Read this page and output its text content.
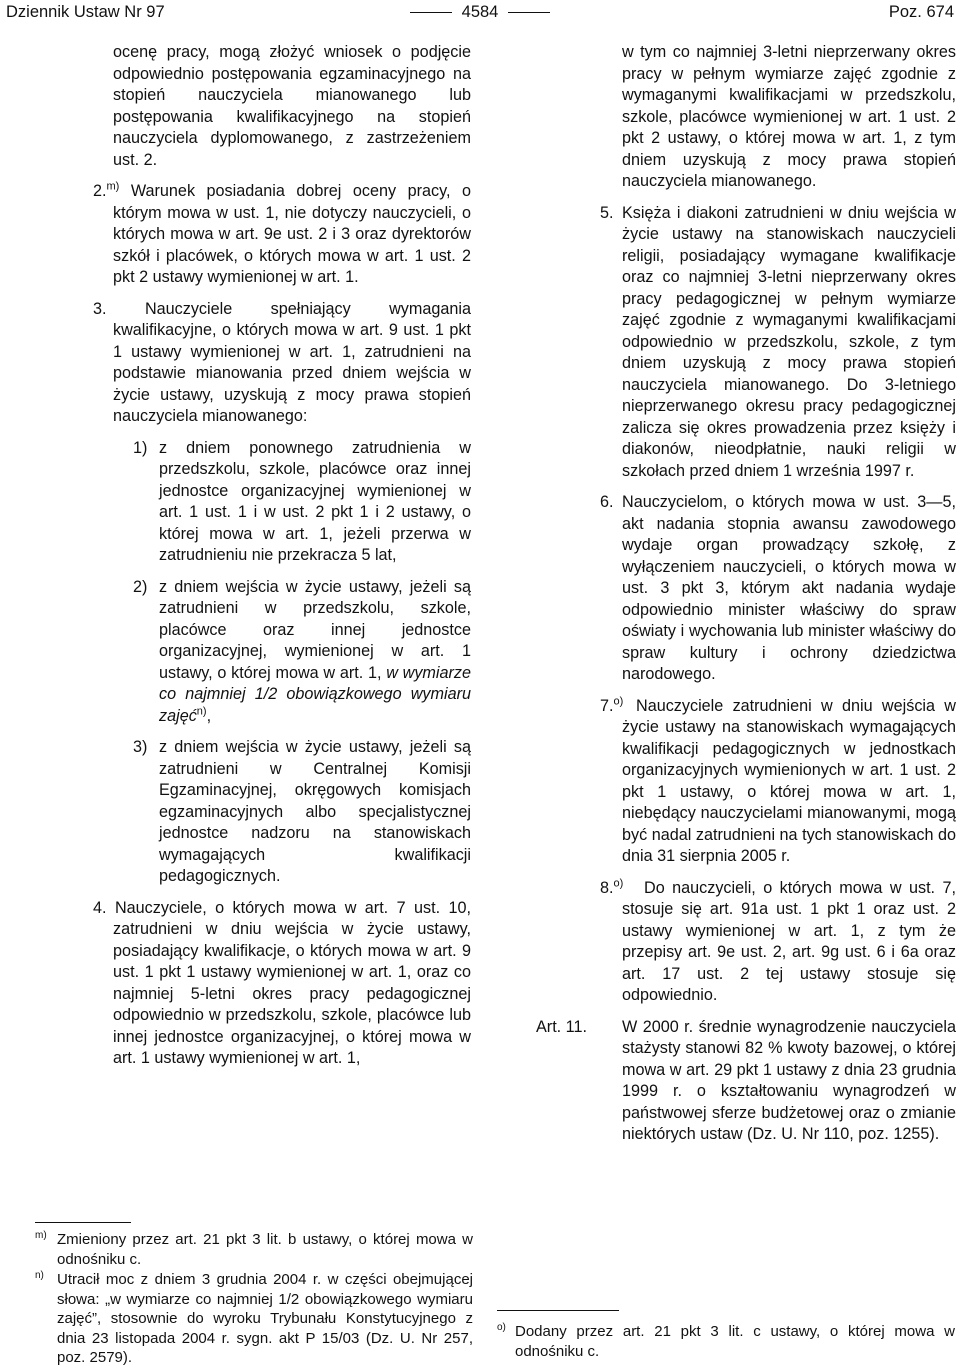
Dziennik Ustaw Nr 97	4584	Poz. 674

ocenę pracy, mogą złożyć wniosek o podjęcie odpowiednio postępowania egzaminacyjnego na stopień nauczyciela mianowanego lub postępowania kwalifikacyjnego na stopień nauczyciela dyplomowanego, z zastrzeżeniem ust. 2.

2.$^{m)}$ Warunek posiadania dobrej oceny pracy, o którym mowa w ust. 1, nie dotyczy nauczycieli, o których mowa w art. 9e ust. 2 i 3 oraz dyrektorów szkół i placówek, o których mowa w art. 1 ust. 2 pkt 2 ustawy wymienionej w art. 1.

3. Nauczyciele spełniający wymagania kwalifikacyjne, o których mowa w art. 9 ust. 1 pkt 1 ustawy wymienionej w art. 1, zatrudnieni na podstawie mianowania przed dniem wejścia w życie ustawy, uzyskują z mocy prawa stopień nauczyciela mianowanego:

1) z dniem ponownego zatrudnienia w przedszkolu, szkole, placówce oraz innej jednostce organizacyjnej wymienionej w art. 1 ust. 1 i w ust. 2 pkt 1 i 2 ustawy, o której mowa w art. 1, jeżeli przerwa w zatrudnieniu nie przekracza 5 lat,

2) z dniem wejścia w życie ustawy, jeżeli są zatrudnieni w przedszkolu, szkole, placówce oraz innej jednostce organizacyjnej, wymienionej w art. 1 ustawy, o której mowa w art. 1, w wymiarze co najmniej 1/2 obowiązkowego wymiaru zajęć$^{n)}$,

3) z dniem wejścia w życie ustawy, jeżeli są zatrudnieni w Centralnej Komisji Egzaminacyjnej, okręgowych komisjach egzaminacyjnych albo specjalistycznej jednostce nadzoru na stanowiskach wymagających kwalifikacji pedagogicznych.

4. Nauczyciele, o których mowa w art. 7 ust. 10, zatrudnieni w dniu wejścia w życie ustawy, posiadający kwalifikacje, o których mowa w art. 9 ust. 1 pkt 1 ustawy wymienionej w art. 1, oraz co najmniej 5-letni okres pracy pedagogicznej odpowiednio w przedszkolu, szkole, placówce lub innej jednostce organizacyjnej, o której mowa w art. 1 ustawy wymienionej w art. 1,

w tym co najmniej 3-letni nieprzerwany okres pracy w pełnym wymiarze zajęć zgodnie z wymaganymi kwalifikacjami w przedszkolu, szkole, placówce wymienionej w art. 1 ust. 2 pkt 2 ustawy, o której mowa w art. 1, z tym dniem uzyskują z mocy prawa stopień nauczyciela mianowanego.

5. Księża i diakoni zatrudnieni w dniu wejścia w życie ustawy na stanowiskach nauczycieli religii, posiadający wymagane kwalifikacje oraz co najmniej 3-letni nieprzerwany okres pracy pedagogicznej w pełnym wymiarze zajęć zgodnie z wymaganymi kwalifikacjami odpowiednio w przedszkolu, szkole, z tym dniem uzyskują z mocy prawa stopień nauczyciela mianowanego. Do 3-letniego nieprzerwanego okresu pracy pedagogicznej zalicza się okres prowadzenia przez księży i diakonów, nieodpłatnie, nauki religii w szkołach przed dniem 1 września 1997 r.

6. Nauczycielom, o których mowa w ust. 3—5, akt nadania stopnia awansu zawodowego wydaje organ prowadzący szkołę, z wyłączeniem nauczycieli, o których mowa w ust. 3 pkt 3, którym akt nadania wydaje odpowiednio minister właściwy do spraw oświaty i wychowania lub minister właściwy do spraw kultury i ochrony dziedzictwa narodowego.

7.$^{o)}$ Nauczyciele zatrudnieni w dniu wejścia w życie ustawy na stanowiskach wymagających kwalifikacji pedagogicznych w jednostkach organizacyjnych wymienionych w art. 1 ust. 2 pkt 1 ustawy, o której mowa w art. 1, niebędący nauczycielami mianowanymi, mogą być nadal zatrudnieni na tych stanowiskach do dnia 31 sierpnia 2005 r.

8.$^{o)}$	Do nauczycieli, o których mowa w ust. 7, stosuje się art. 91a ust. 1 pkt 1 oraz ust. 2 ustawy wymienionej w art. 1, z tym że przepisy art. 9e ust. 2, art. 9g ust. 6 i 6a oraz art. 17 ust. 2 tej ustawy stosuje się odpowiednio.

Art. 11. W 2000 r. średnie wynagrodzenie nauczyciela stażysty stanowi 82 % kwoty bazowej, o której mowa w art. 29 pkt 1 ustawy z dnia 23 grudnia 1999 r. o kształtowaniu wynagrodzeń w państwowej sferze budżetowej oraz o zmianie niektórych ustaw (Dz. U. Nr 110, poz. 1255).

m) Zmieniony przez art. 21 pkt 3 lit. b ustawy, o której mowa w odnośniku c.

n) Utracił moc z dniem 3 grudnia 2004 r. w części obejmującej słowa: „w wymiarze co najmniej 1/2 obowiązkowego wymiaru zajęć”, stosownie do wyroku Trybunału Konstytucyjnego z dnia 23 listopada 2004 r. sygn. akt P 15/03 (Dz. U. Nr 257, poz. 2579).

o) Dodany przez art. 21 pkt 3 lit. c ustawy, o której mowa w odnośniku c.
